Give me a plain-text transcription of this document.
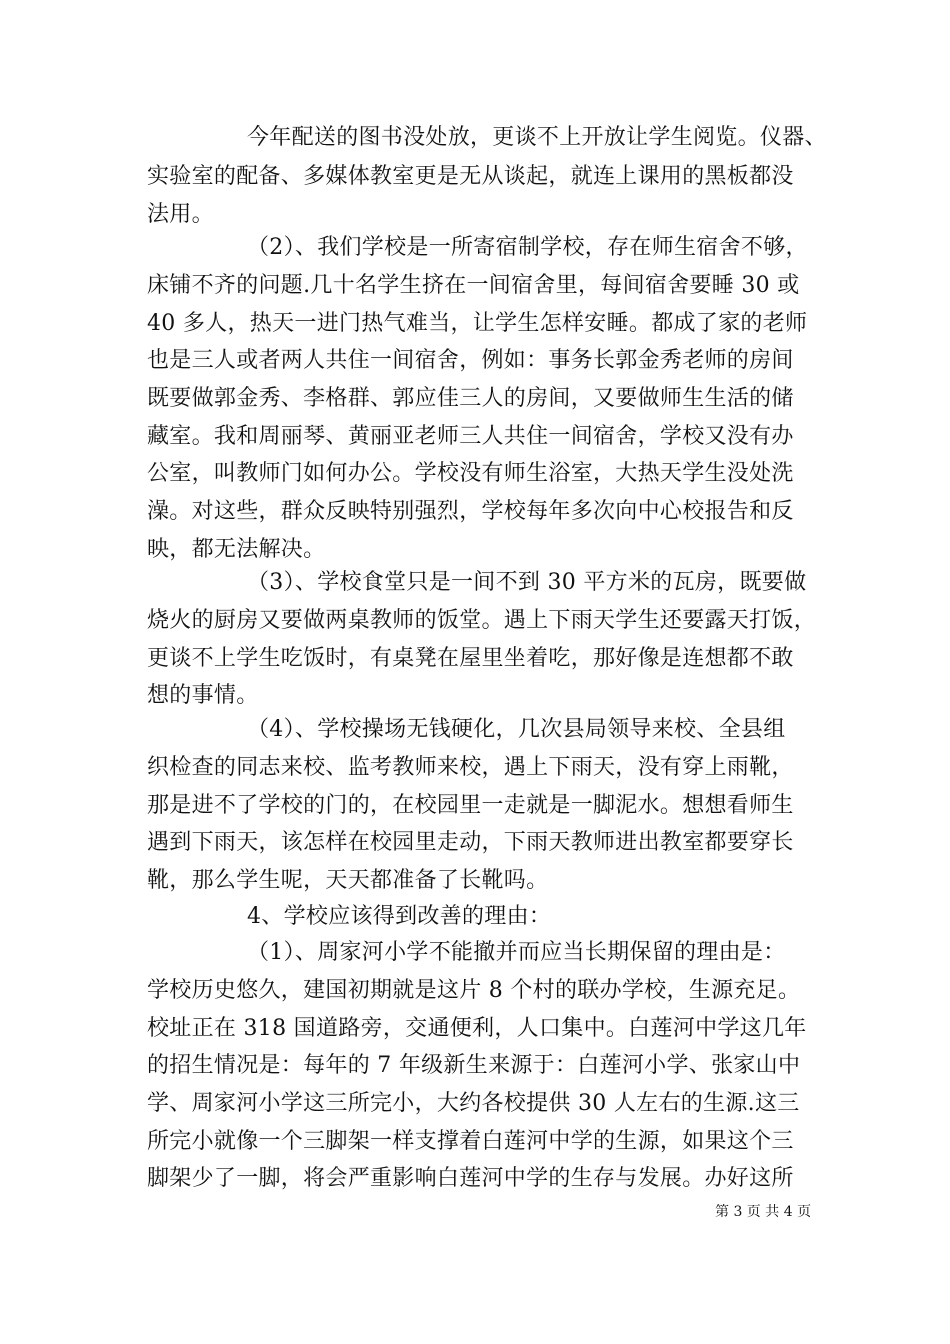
今年配送的图书没处放，更谈不上开放让学生阅览。仪器、
实验室的配备、多媒体教室更是无从谈起，就连上课用的黑板都没
法用。
（2）、我们学校是一所寄宿制学校，存在师生宿舍不够，
床铺不齐的问题.几十名学生挤在一间宿舍里，每间宿舍要睡 30 或
40 多人，热天一进门热气难当，让学生怎样安睡。都成了家的老师
也是三人或者两人共住一间宿舍，例如：事务长郭金秀老师的房间
既要做郭金秀、李格群、郭应佳三人的房间，又要做师生生活的储
藏室。我和周丽琴、黄丽亚老师三人共住一间宿舍，学校又没有办
公室，叫教师门如何办公。学校没有师生浴室，大热天学生没处洗
澡。对这些，群众反映特别强烈，学校每年多次向中心校报告和反
映，都无法解决。
（3）、学校食堂只是一间不到 30 平方米的瓦房，既要做
烧火的厨房又要做两桌教师的饭堂。遇上下雨天学生还要露天打饭，
更谈不上学生吃饭时，有桌凳在屋里坐着吃，那好像是连想都不敢
想的事情。
（4）、学校操场无钱硬化，几次县局领导来校、全县组
织检查的同志来校、监考教师来校，遇上下雨天，没有穿上雨靴，
那是进不了学校的门的，在校园里一走就是一脚泥水。想想看师生
遇到下雨天，该怎样在校园里走动，下雨天教师进出教室都要穿长
靴，那么学生呢，天天都准备了长靴吗。
4、学校应该得到改善的理由：
（1）、周家河小学不能撤并而应当长期保留的理由是：
学校历史悠久，建国初期就是这片 8 个村的联办学校，生源充足。
校址正在 318 国道路旁，交通便利，人口集中。白莲河中学这几年
的招生情况是：每年的 7 年级新生来源于：白莲河小学、张家山中
学、周家河小学这三所完小，大约各校提供 30 人左右的生源.这三
所完小就像一个三脚架一样支撑着白莲河中学的生源，如果这个三
脚架少了一脚，将会严重影响白莲河中学的生存与发展。办好这所
第 3 页 共 4 页
